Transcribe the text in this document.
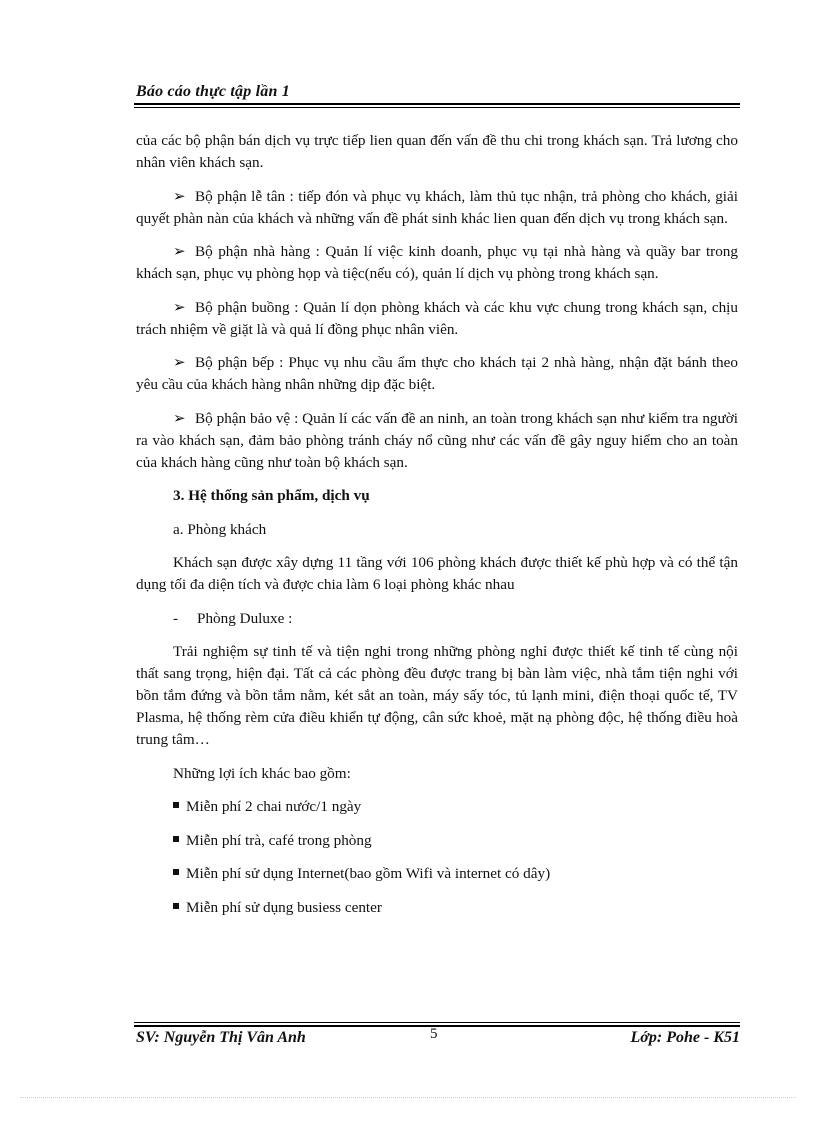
Báo cáo thực tập lần 1

của các bộ phận bán dịch vụ trực tiếp lien quan đến vấn đề thu chi trong khách sạn. Trả lương cho nhân viên khách sạn.

➢ Bộ phận lễ tân : tiếp đón và phục vụ khách, làm thủ tục nhận, trả phòng cho khách, giải quyết phàn nàn của khách và những vấn đề phát sinh khác lien quan đến dịch vụ trong khách sạn.

➢ Bộ phận nhà hàng : Quản lí việc kinh doanh, phục vụ tại nhà hàng và quầy bar trong khách sạn, phục vụ phòng họp và tiệc(nếu có), quản lí dịch vụ phòng trong khách sạn.

➢ Bộ phận buồng : Quản lí dọn phòng khách và các khu vực chung trong khách sạn, chịu trách nhiệm về giặt là và quả lí đồng phục nhân viên.

➢ Bộ phận bếp : Phục vụ nhu cầu ẩm thực cho khách tại 2 nhà hàng, nhận đặt bánh theo yêu cầu của khách hàng nhân những dịp đặc biệt.

➢ Bộ phận bảo vệ : Quản lí các vấn đề an ninh, an toàn trong khách sạn như kiểm tra người ra vào khách sạn, đảm bảo phòng tránh cháy nổ cũng như các vấn đề gây nguy hiểm cho an toàn của khách hàng cũng như toàn bộ khách sạn.

3. Hệ thống sản phẩm, dịch vụ

a. Phòng khách

Khách sạn được xây dựng 11 tầng với 106 phòng khách được thiết kế phù hợp và có thể tận dụng tối đa diện tích và được chia làm 6 loại phòng khác nhau

- Phòng Duluxe :

Trải nghiệm sự tinh tế và tiện nghi trong những phòng nghỉ được thiết kế tinh tế cùng nội thất sang trọng, hiện đại. Tất cả các phòng đều được trang bị bàn làm việc, nhà tắm tiện nghi với bồn tắm đứng và bồn tắm nằm, két sắt an toàn, máy sấy tóc, tủ lạnh mini, điện thoại quốc tế, TV Plasma, hệ thống rèm cửa điều khiển tự động, cân sức khoẻ, mặt nạ phòng độc, hệ thống điều hoà trung tâm…

Những lợi ích khác bao gồm:

Miễn phí 2 chai nước/1 ngày

Miễn phí trà, café trong phòng

Miễn phí sử dụng Internet(bao gồm Wifi và internet có dây)

Miễn phí sử dụng busiess center

SV: Nguyễn Thị Vân Anh	5	Lớp: Pohe - K51
